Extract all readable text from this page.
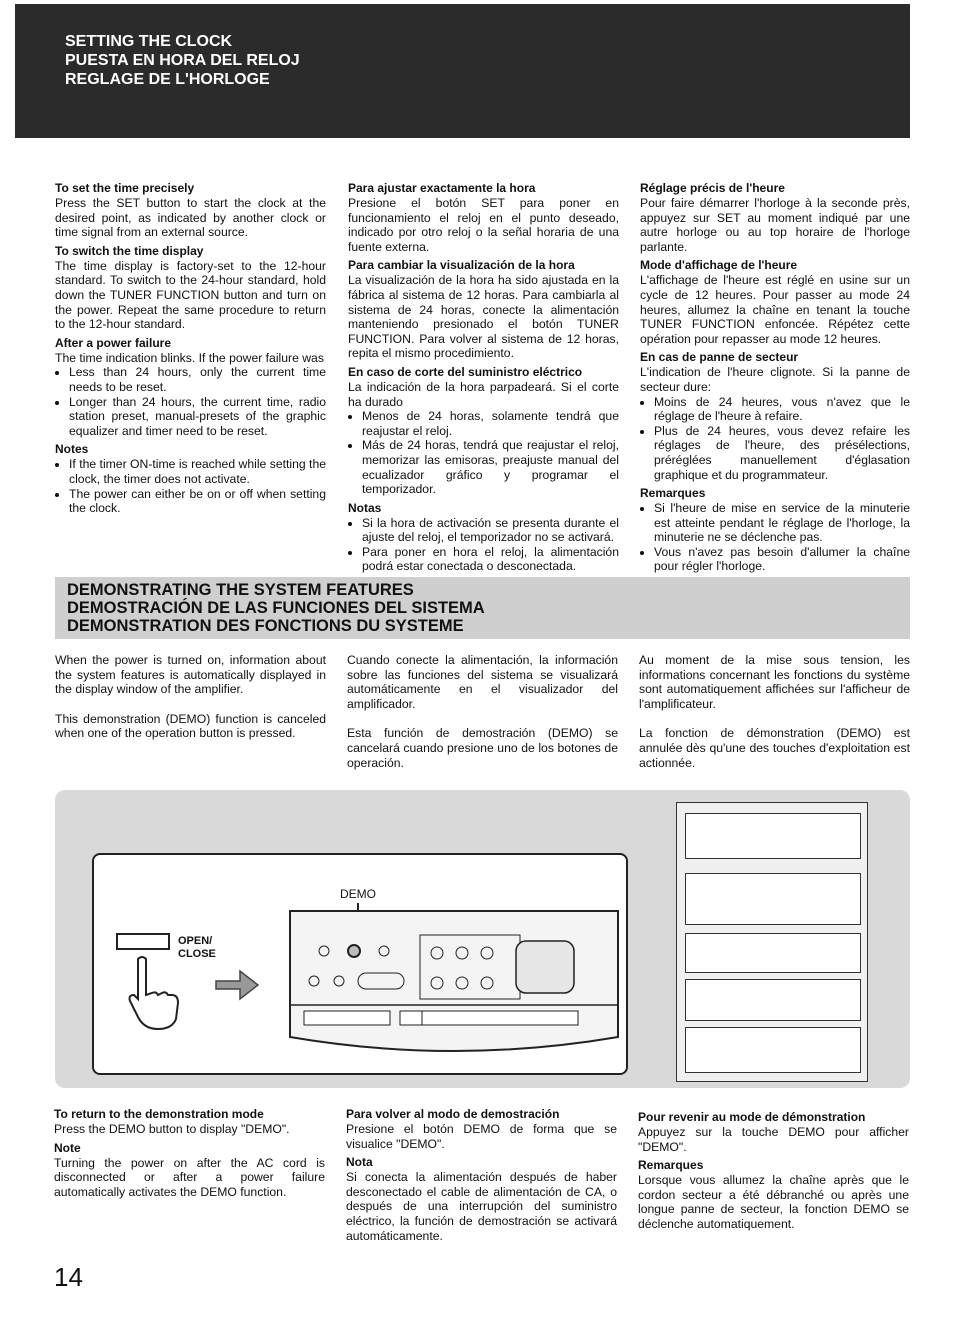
SETTING THE CLOCK
PUESTA EN HORA DEL RELOJ
REGLAGE DE L'HORLOGE
To set the time precisely

Press the SET button to start the clock at the desired point, as indicated by another clock or time signal from an external source.

To switch the time display

The time display is factory-set to the 12-hour standard. To switch to the 24-hour standard, hold down the TUNER FUNCTION button and turn on the power. Repeat the same procedure to return to the 12-hour standard.

After a power failure

The time indication blinks. If the power failure was

• Less than 24 hours, only the current time needs to be reset.
• Longer than 24 hours, the current time, radio station preset, manual-presets of the graphic equalizer and timer need to be reset.
Notes
• If the timer ON-time is reached while setting the clock, the timer does not activate.
• The power can either be on or off when setting the clock.
Para ajustar exactamente la hora

Presione el botón SET para poner en funcionamiento el reloj en el punto deseado, indicado por otro reloj o la señal horaria de una fuente externa.

Para cambiar la visualización de la hora

La visualización de la hora ha sido ajustada en la fábrica al sistema de 12 horas. Para cambiarla al sistema de 24 horas, conecte la alimentación manteniendo presionado el botón TUNER FUNCTION. Para volver al sistema de 12 horas, repita el mismo procedimiento.

En caso de corte del suministro eléctrico

La indicación de la hora parpadeará. Si el corte ha durado

• Menos de 24 horas, solamente tendrá que reajustar el reloj.
• Más de 24 horas, tendrá que reajustar el reloj, memorizar las emisoras, preajuste manual del ecualizador gráfico y programar el temporizador.
Notas
• Si la hora de activación se presenta durante el ajuste del reloj, el temporizador no se activará.
• Para poner en hora el reloj, la alimentación podrá estar conectada o desconectada.
Réglage précis de l'heure

Pour faire démarrer l'horloge à la seconde près, appuyez sur SET au moment indiqué par une autre horloge ou au top horaire de l'horloge parlante.

Mode d'affichage de l'heure

L'affichage de l'heure est réglé en usine sur un cycle de 12 heures. Pour passer au mode 24 heures, allumez la chaîne en tenant la touche TUNER FUNCTION enfoncée. Répétez cette opération pour repasser au mode 12 heures.

En cas de panne de secteur

L'indication de l'heure clignote. Si la panne de secteur dure:

• Moins de 24 heures, vous n'avez que le réglage de l'heure à refaire.
• Plus de 24 heures, vous devez refaire les réglages de l'heure, des présélections, préréglées manuellement d'églasation graphique et du programmateur.
Remarques
• Si l'heure de mise en service de la minuterie est atteinte pendant le réglage de l'horloge, la minuterie ne se déclenche pas.
• Vous n'avez pas besoin d'allumer la chaîne pour régler l'horloge.
DEMONSTRATING THE SYSTEM FEATURES
DEMOSTRACIÓN DE LAS FUNCIONES DEL SISTEMA
DEMONSTRATION DES FONCTIONS DU SYSTEME

When the power is turned on, information about the system features is automatically displayed in the display window of the amplifier.

This demonstration (DEMO) function is canceled when one of the operation button is pressed.

Cuando conecte la alimentación, la información sobre las funciones del sistema se visualizará automáticamente en el visualizador del amplificador.

Esta función de demostración (DEMO) se cancelará cuando presione uno de los botones de operación.

Au moment de la mise sous tension, les informations concernant les fonctions du système sont automatiquement affichées sur l'afficheur de l'amplificateur.

La fonction de démonstration (DEMO) est annulée dès qu'une des touches d'exploitation est actionnée.

OPEN/
CLOSE
DEMO
To return to the demonstration mode

Press the DEMO button to display "DEMO".

Note

Turning the power on after the AC cord is disconnected or after a power failure automatically activates the DEMO function.

Para volver al modo de demostración

Presione el botón DEMO de forma que se visualice "DEMO".

Nota

Si conecta la alimentación después de haber desconectado el cable de alimentación de CA, o después de una interrupción del suministro eléctrico, la función de demostración se activará automáticamente.

Pour revenir au mode de démonstration

Appuyez sur la touche DEMO pour afficher "DEMO".

Remarques

Lorsque vous allumez la chaîne après que le cordon secteur a été débranché ou après une longue panne de secteur, la fonction DEMO se déclenche automatiquement.

14
